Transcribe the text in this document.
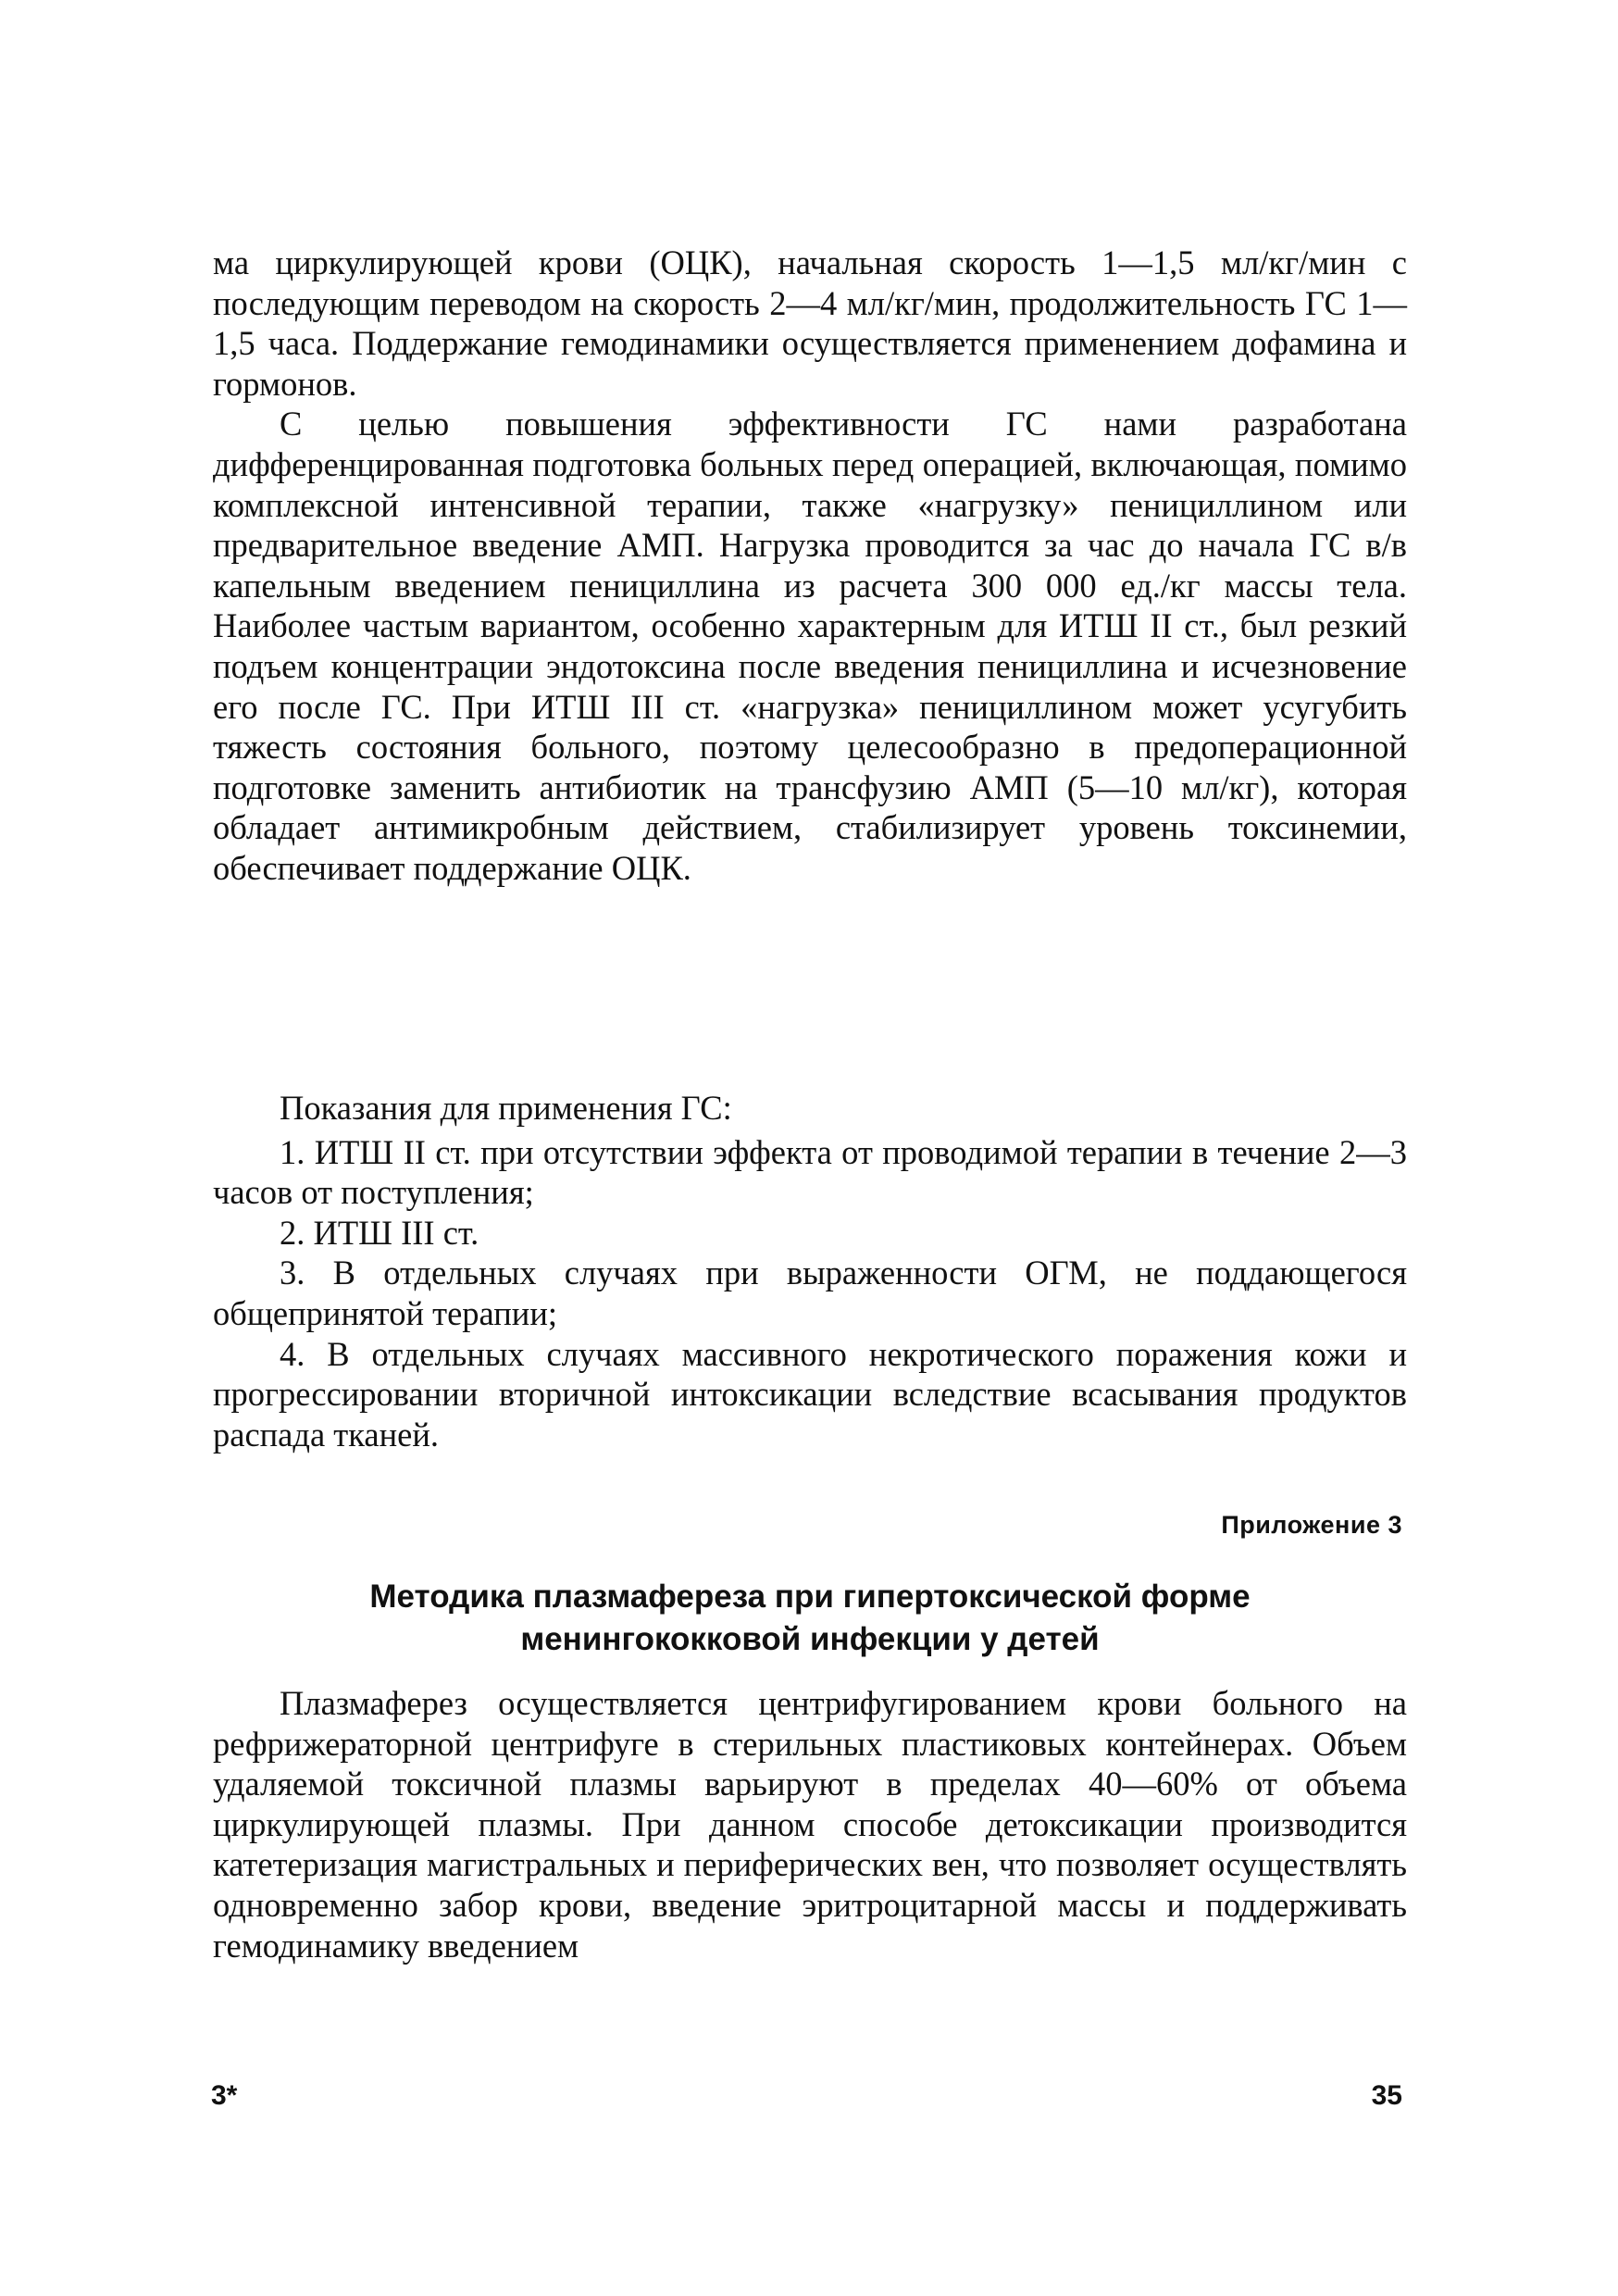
ма циркулирующей крови (ОЦК), начальная скорость 1—1,5 мл/кг/мин с последующим переводом на скорость 2—4 мл/кг/мин, продолжительность ГС 1—1,5 часа. Поддержание гемодинамики осуществляется применением дофамина и гормонов.

С целью повышения эффективности ГС нами разработана дифференцированная подготовка больных перед операцией, включающая, помимо комплексной интенсивной терапии, также «нагрузку» пенициллином или предварительное введение АМП. Нагрузка проводится за час до начала ГС в/в капельным введением пенициллина из расчета 300 000 ед./кг массы тела. Наиболее частым вариантом, особенно характерным для ИТШ II ст., был резкий подъем концентрации эндотоксина после введения пенициллина и исчезновение его после ГС. При ИТШ III ст. «нагрузка» пенициллином может усугубить тяжесть состояния больного, поэтому целесообразно в предоперационной подготовке заменить антибиотик на трансфузию АМП (5—10 мл/кг), которая обладает антимикробным действием, стабилизирует уровень токсинемии, обеспечивает поддержание ОЦК.

Показания для применения ГС:

1. ИТШ II ст. при отсутствии эффекта от проводимой терапии в течение 2—3 часов от поступления;

2. ИТШ III ст.

3. В отдельных случаях при выраженности ОГМ, не поддающегося общепринятой терапии;

4. В отдельных случаях массивного некротического поражения кожи и прогрессировании вторичной интоксикации вследствие всасывания продуктов распада тканей.

Приложение 3
Методика плазмафереза при гипертоксической форме
менингококковой инфекции у детей

Плазмаферез осуществляется центрифугированием крови больного на рефрижераторной центрифуге в стерильных пластиковых контейнерах. Объем удаляемой токсичной плазмы варьируют в пределах 40—60% от объема циркулирующей плазмы. При данном способе детоксикации производится катетеризация магистральных и периферических вен, что позволяет осуществлять одновременно забор крови, введение эритроцитарной массы и поддерживать гемодинамику введением

3*	35
